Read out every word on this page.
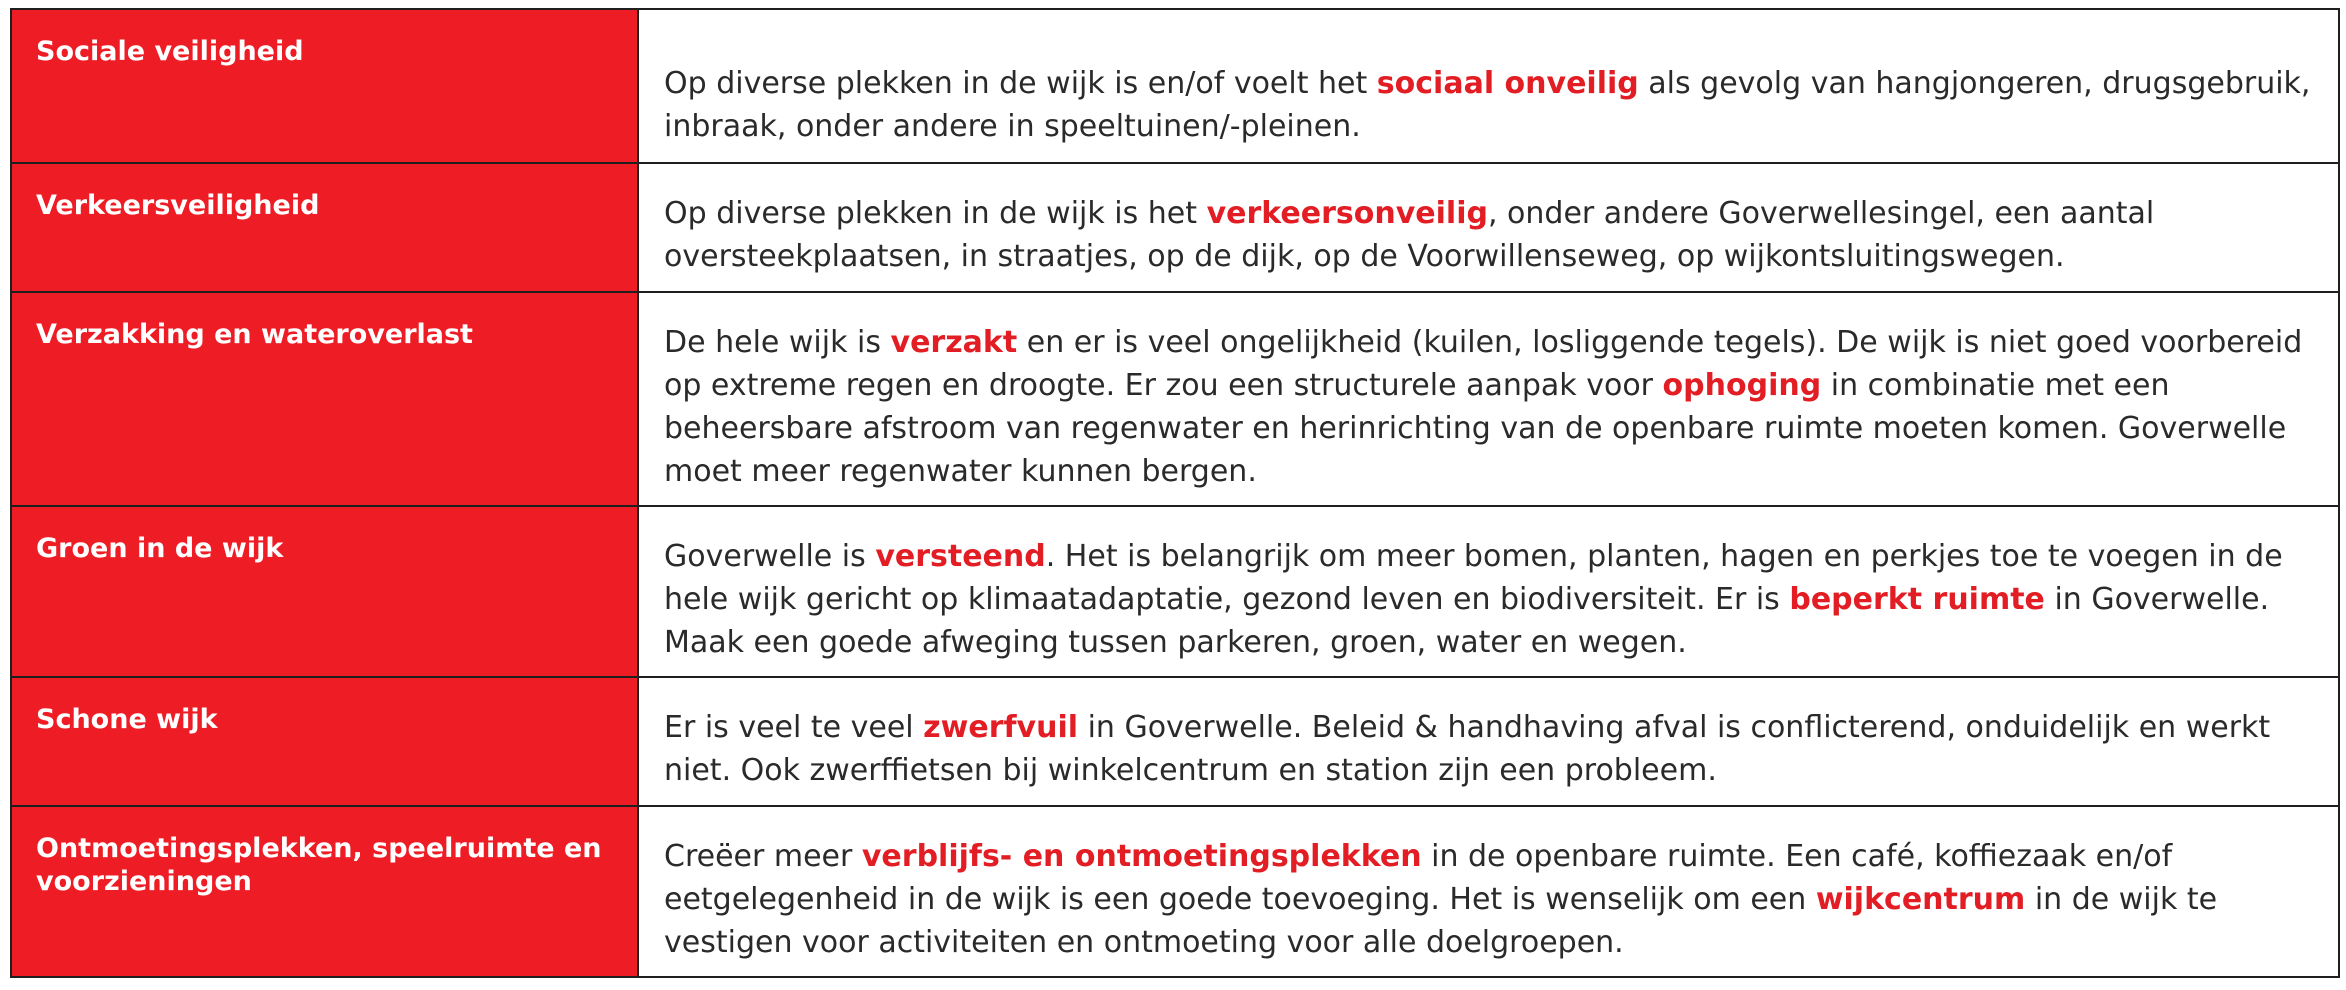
Sociale veiligheid	Op diverse plekken in de wijk is en/of voelt het sociaal onveilig als gevolg van hangjongeren, drugsgebruik, inbraak, onder andere in speeltuinen/-pleinen.
Verkeersveiligheid	Op diverse plekken in de wijk is het verkeersonveilig, onder andere Goverwellesingel, een aantal oversteekplaatsen, in straatjes, op de dijk, op de Voorwillenseweg, op wijkontsluitingswegen.
Verzakking en wateroverlast	De hele wijk is verzakt en er is veel ongelijkheid (kuilen, losliggende tegels). De wijk is niet goed voorbereid op extreme regen en droogte. Er zou een structurele aanpak voor ophoging in combinatie met een beheersbare afstroom van regenwater en herinrichting van de openbare ruimte moeten komen. Goverwelle moet meer regenwater kunnen bergen.
Groen in de wijk	Goverwelle is versteend. Het is belangrijk om meer bomen, planten, hagen en perkjes toe te voegen in de hele wijk gericht op klimaatadaptatie, gezond leven en biodiversiteit. Er is beperkt ruimte in Goverwelle. Maak een goede afweging tussen parkeren, groen, water en wegen.
Schone wijk	Er is veel te veel zwerfvuil in Goverwelle. Beleid & handhaving afval is conflicterend, onduidelijk en werkt niet. Ook zwerffietsen bij winkelcentrum en station zijn een probleem.
Ontmoetingsplekken, speelruimte en voorzieningen	Creëer meer verblijfs- en ontmoetingsplekken in de openbare ruimte. Een café, koffiezaak en/of eetgelegenheid in de wijk is een goede toevoeging. Het is wenselijk om een wijkcentrum in de wijk te vestigen voor activiteiten en ontmoeting voor alle doelgroepen.
